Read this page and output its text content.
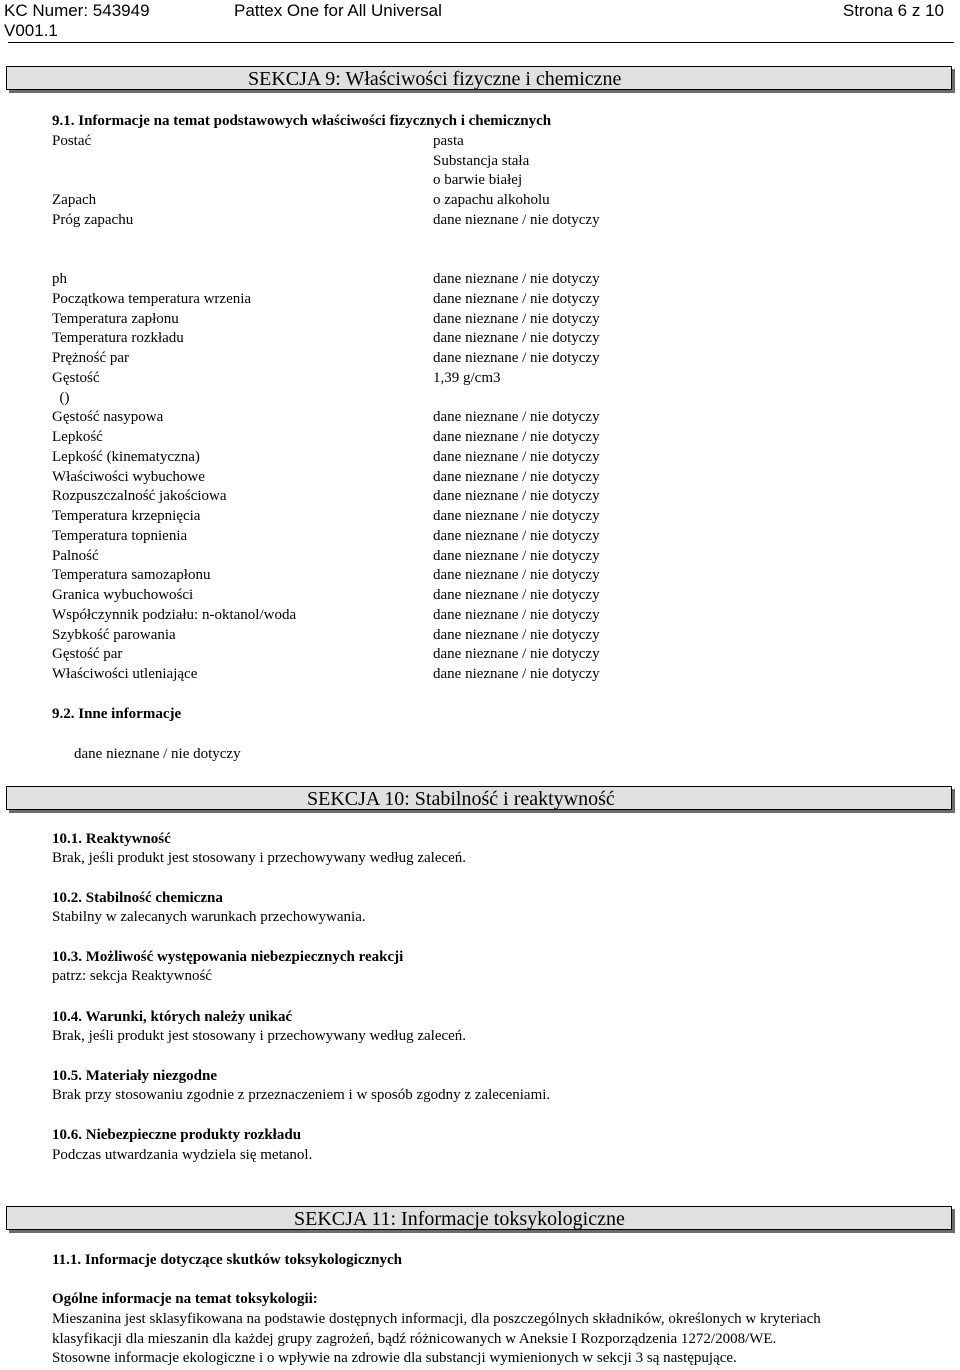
KC Numer: 543949
V001.1
Pattex One for All Universal	Strona 6 z 10
SEKCJA 9: Właściwości fizyczne i chemiczne
9.1. Informacje na temat podstawowych właściwości fizycznych i chemicznych
Postać	pasta
Substancja stała
o barwie białej
Zapach	o zapachu alkoholu
Próg zapachu	dane nieznane / nie dotyczy
ph	dane nieznane / nie dotyczy
Początkowa temperatura wrzenia	dane nieznane / nie dotyczy
Temperatura zapłonu	dane nieznane / nie dotyczy
Temperatura rozkładu	dane nieznane / nie dotyczy
Prężność par	dane nieznane / nie dotyczy
Gęstość	1,39 g/cm3
()
Gęstość nasypowa	dane nieznane / nie dotyczy
Lepkość	dane nieznane / nie dotyczy
Lepkość (kinematyczna)	dane nieznane / nie dotyczy
Właściwości wybuchowe	dane nieznane / nie dotyczy
Rozpuszczalność jakościowa	dane nieznane / nie dotyczy
Temperatura krzepnięcia	dane nieznane / nie dotyczy
Temperatura topnienia	dane nieznane / nie dotyczy
Palność	dane nieznane / nie dotyczy
Temperatura samozapłonu	dane nieznane / nie dotyczy
Granica wybuchowości	dane nieznane / nie dotyczy
Współczynnik podziału: n-oktanol/woda	dane nieznane / nie dotyczy
Szybkość parowania	dane nieznane / nie dotyczy
Gęstość par	dane nieznane / nie dotyczy
Właściwości utleniające	dane nieznane / nie dotyczy
9.2. Inne informacje
dane nieznane / nie dotyczy
SEKCJA 10: Stabilność i reaktywność
10.1. Reaktywność
Brak, jeśli produkt jest stosowany i przechowywany według zaleceń.
10.2. Stabilność chemiczna
Stabilny w zalecanych warunkach przechowywania.
10.3. Możliwość występowania niebezpiecznych reakcji
patrz: sekcja Reaktywność
10.4. Warunki, których należy unikać
Brak, jeśli produkt jest stosowany i przechowywany według zaleceń.
10.5. Materiały niezgodne
Brak przy stosowaniu zgodnie z przeznaczeniem i w sposób zgodny z zaleceniami.
10.6. Niebezpieczne produkty rozkładu
Podczas utwardzania wydziela się metanol.
SEKCJA 11: Informacje toksykologiczne
11.1. Informacje dotyczące skutków toksykologicznych
Ogólne informacje na temat toksykologii:
Mieszanina jest sklasyfikowana na podstawie dostępnych informacji, dla poszczególnych składników, określonych w kryteriach
klasyfikacji dla mieszanin dla każdej grupy zagrożeń, bądź różnicowanych w Aneksie I Rozporządzenia 1272/2008/WE.
Stosowne informacje ekologiczne i o wpływie na zdrowie dla substancji wymienionych w sekcji 3 są następujące.
